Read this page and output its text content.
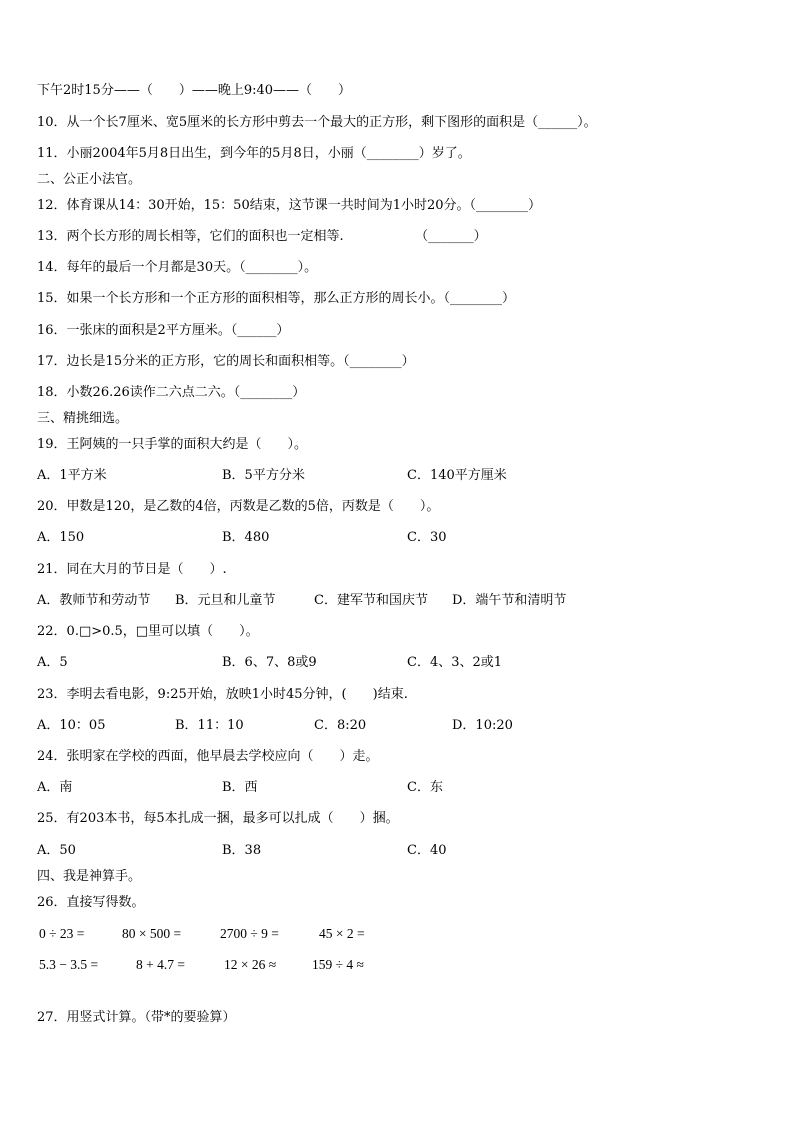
下午2时15分——（　　）——晚上9:40——（　　）
10．从一个长7厘米、宽5厘米的长方形中剪去一个最大的正方形，剩下图形的面积是（______）。
11．小丽2004年5月8日出生，到今年的5月8日，小丽（________）岁了。
二、公正小法官。
12．体育课从14：30开始，15：50结束，这节课一共时间为1小时20分。（________）
13．两个长方形的周长相等，它们的面积也一定相等.　　　　　　（_______）
14．每年的最后一个月都是30天。（________）。
15．如果一个长方形和一个正方形的面积相等，那么正方形的周长小。（________）
16．一张床的面积是2平方厘米。（______）
17．边长是15分米的正方形，它的周长和面积相等。（________）
18．小数26.26读作二六点二六。（________）
三、精挑细选。
19．王阿姨的一只手掌的面积大约是（　　）。
A．1平方米	B．5平方分米	C．140平方厘米
20．甲数是120，是乙数的4倍，丙数是乙数的5倍，丙数是（　　）。
A．150	B．480	C．30
21．同在大月的节日是（　　）.
A．教师节和劳动节 B．元旦和儿童节	C．建军节和国庆节 D．端午节和清明节
22．0.□>0.5，□里可以填（　　）。
A．5	B．6、7、8或9	C．4、3、2或1
23．李明去看电影，9:25开始，放映1小时45分钟，(　　)结束.
A．10：05	B．11：10	C．8:20	D．10:20
24．张明家在学校的西面，他早晨去学校应向（　　）走。
A．南	B．西	C．东
25．有203本书，每5本扎成一捆，最多可以扎成（　　）捆。
A．50	B．38	C．40
四、我是神算手。
26．直接写得数。
0 ÷ 23 =	80 × 500 =	2700 ÷ 9 =	45 × 2 =
5.3 − 3.5 =	8 + 4.7 =	12 × 26 ≈	159 ÷ 4 ≈
27．用竖式计算。（带*的要验算）
